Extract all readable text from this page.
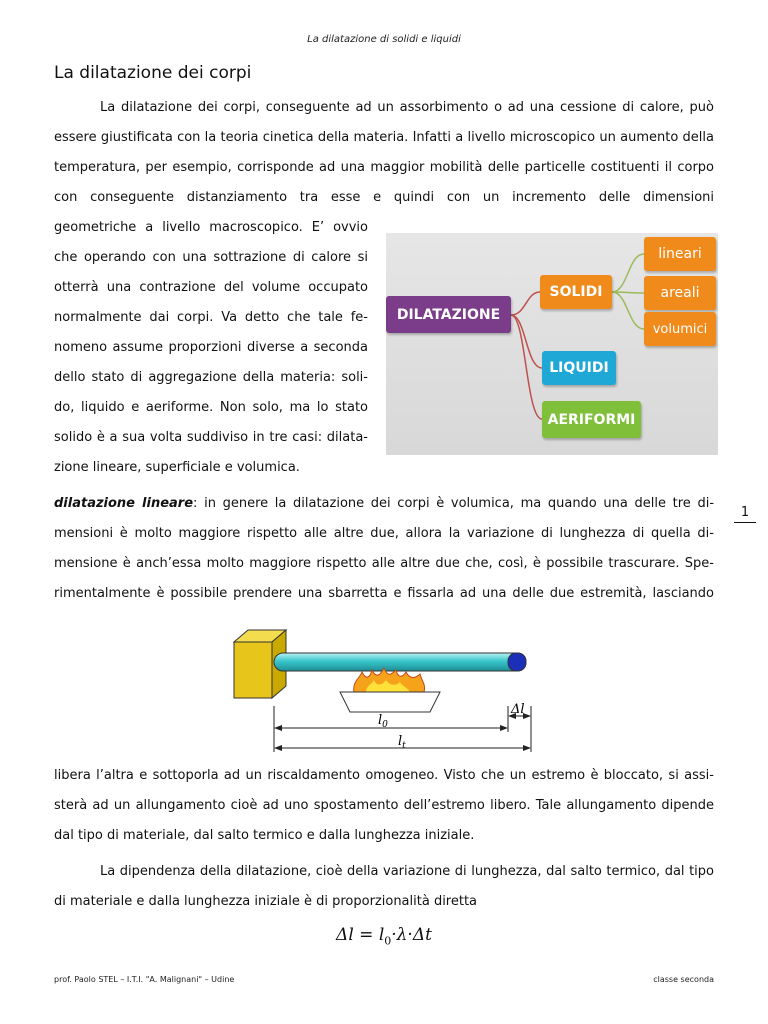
La dilatazione di solidi e liquidi
La dilatazione dei corpi

La dilatazione dei corpi, conseguente ad un assorbimento o ad una cessione di calore, può essere giustificata con la teoria cinetica della materia. Infatti a livello microscopico un aumento della temperatura, per esempio, corrisponde ad una maggior mobilità delle particelle costituenti il corpo con conseguente distanziamento tra esse e quindi con un incremento delle dimensioni

geometriche a livello macroscopico. E’ ovvio che operando con una sottrazione di calore si otterrà una contrazione del volume occupato normalmente dai corpi. Va detto che tale fenomeno assume proporzioni diverse a seconda dello stato di aggregazione della materia: solido, liquido e aeriforme. Non solo, ma lo stato solido è a sua volta suddiviso in tre casi: dilatazione lineare, superficiale e volumica.

DILATAZIONE
SOLIDI
LIQUIDI
AERIFORMI
lineari
areali
volumici
1

dilatazione lineare: in genere la dilatazione dei corpi è volumica, ma quando una delle tre dimensioni è molto maggiore rispetto alle altre due, allora la variazione di lunghezza di quella dimensione è anch’essa molto maggiore rispetto alle altre due che, così, è possibile trascurare. Sperimentalmente è possibile prendere una sbarretta e fissarla ad una delle due estremità, lasciando

$l_0$
$l_t$
Δl

libera l’altra e sottoporla ad un riscaldamento omogeneo. Visto che un estremo è bloccato, si assisterà ad un allungamento cioè ad uno spostamento dell’estremo libero. Tale allungamento dipende dal tipo di materiale, dal salto termico e dalla lunghezza iniziale.

La dipendenza della dilatazione, cioè della variazione di lunghezza, dal salto termico, dal tipo di materiale e dalla lunghezza iniziale è di proporzionalità diretta

$\Delta l = l_0\cdot\lambda\cdot\Delta t$
prof. Paolo STEL – I.T.I. "A. Malignani" – Udine	classe seconda
